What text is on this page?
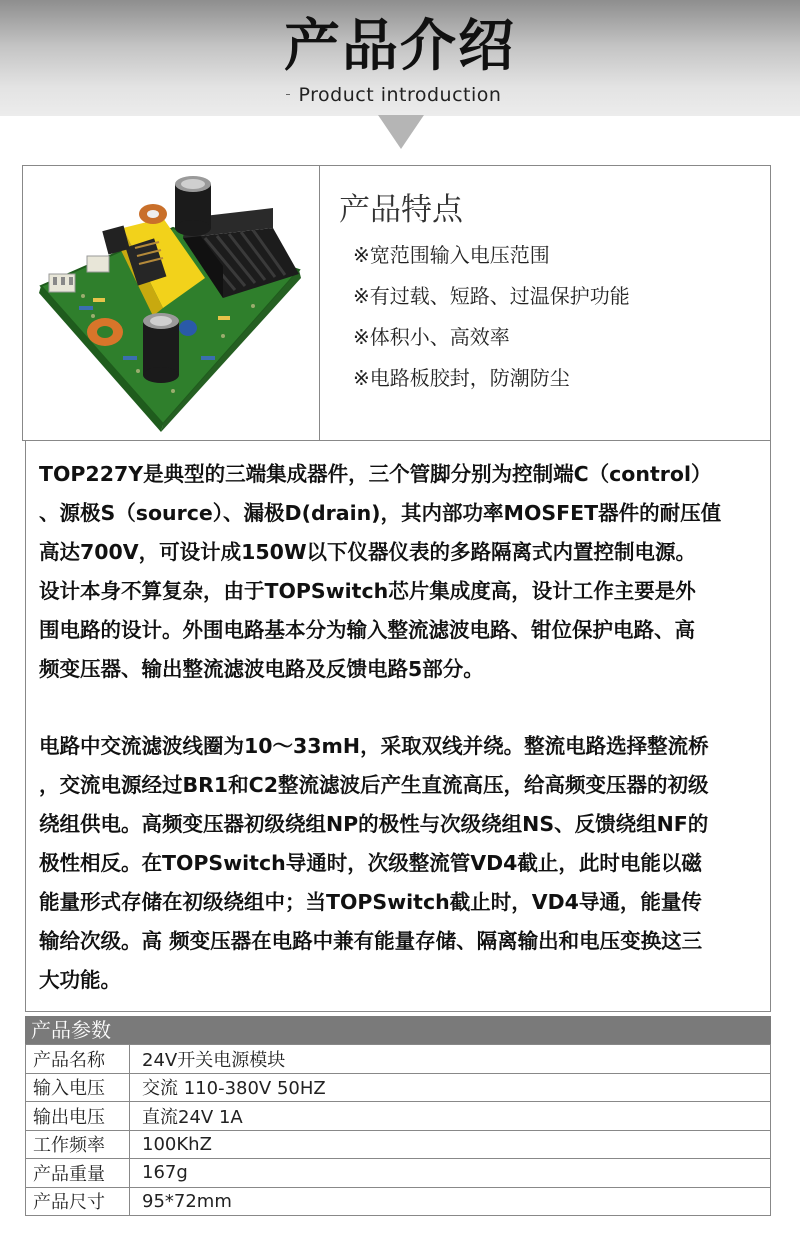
产品介绍
Product introduction
产品特点
※宽范围输入电压范围
※有过载、短路、过温保护功能
※体积小、高效率
※电路板胶封，防潮防尘
TOP227Y是典型的三端集成器件，三个管脚分别为控制端C（control）
、源极S（source）、漏极D(drain)，其内部功率MOSFET器件的耐压值
高达700V，可设计成150W以下仪器仪表的多路隔离式内置控制电源。
设计本身不算复杂，由于TOPSwitch芯片集成度高，设计工作主要是外
围电路的设计。外围电路基本分为输入整流滤波电路、钳位保护电路、高
频变压器、输出整流滤波电路及反馈电路5部分。
电路中交流滤波线圈为10～33mH，采取双线并绕。整流电路选择整流桥
，交流电源经过BR1和C2整流滤波后产生直流高压，给高频变压器的初级
绕组供电。高频变压器初级绕组NP的极性与次级绕组NS、反馈绕组NF的
极性相反。在TOPSwitch导通时，次级整流管VD4截止，此时电能以磁
能量形式存储在初级绕组中；当TOPSwitch截止时，VD4导通，能量传
输给次级。高 频变压器在电路中兼有能量存储、隔离输出和电压变换这三
大功能。
产品参数
产品名称	24V开关电源模块
输入电压	交流 110-380V 50HZ
输出电压	直流24V 1A
工作频率	100KhZ
产品重量	167g
产品尺寸	95*72mm
